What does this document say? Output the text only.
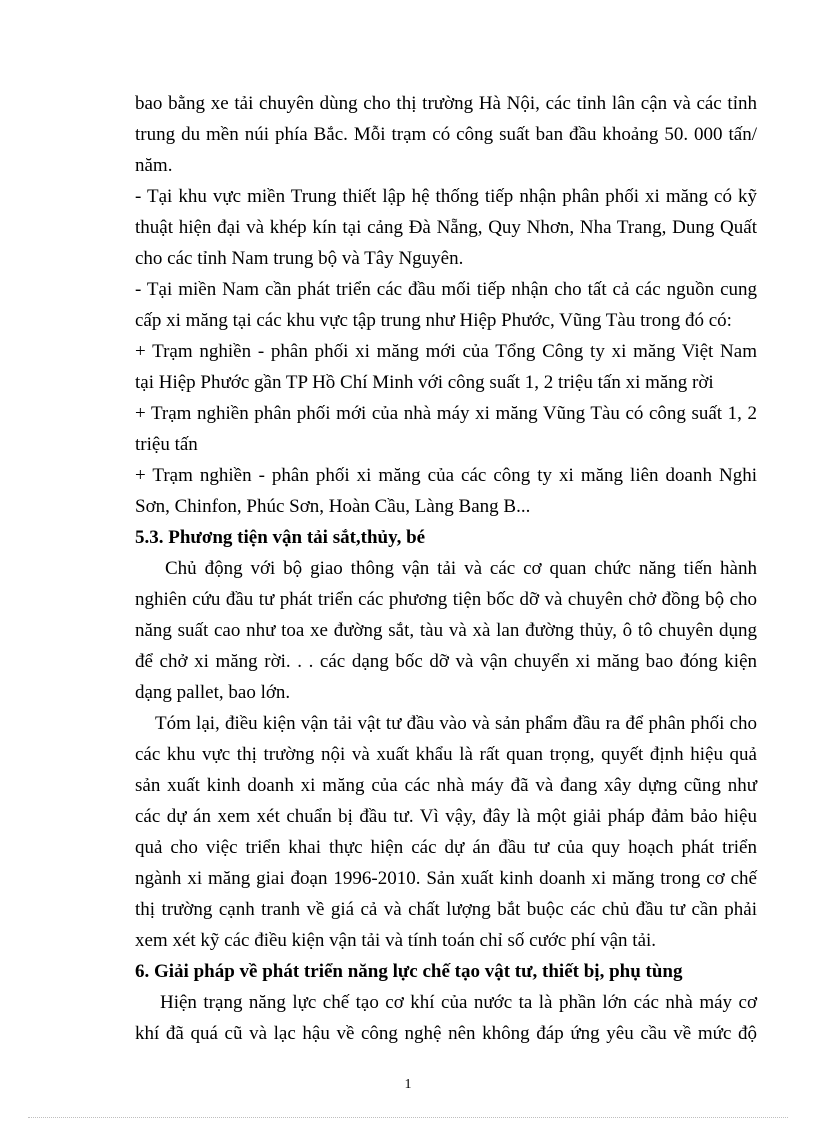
bao bằng xe tải chuyên dùng cho thị trường Hà Nội, các tỉnh lân cận và các tỉnh
trung du mền núi phía Bắc. Mỗi trạm có công suất ban đầu khoảng 50. 000 tấn/
năm.
- Tại khu vực miền Trung thiết lập hệ thống tiếp nhận phân phối xi măng có kỹ
thuật hiện đại và khép kín tại cảng Đà Nẵng, Quy Nhơn, Nha Trang, Dung Quất
cho các tỉnh Nam trung bộ và Tây Nguyên.
- Tại miền Nam cần phát triển các đầu mối tiếp nhận cho tất cả các nguồn cung
cấp xi măng tại các khu vực tập trung như Hiệp Phước, Vũng Tàu trong đó có:
+ Trạm nghiền - phân phối xi măng mới của Tổng Công ty xi măng Việt Nam
tại Hiệp Phước gần TP Hồ Chí Minh với công suất 1, 2 triệu tấn xi măng rời
+ Trạm nghiền phân phối mới của nhà máy xi măng Vũng Tàu có công suất 1, 2
triệu tấn
+ Trạm nghiền - phân phối xi măng của các công ty xi măng liên doanh Nghi
Sơn, Chinfon, Phúc Sơn, Hoàn Cầu, Làng Bang B...
5.3. Phương tiện vận tải sắt,thủy, bé
Chủ động với bộ giao thông vận tải và các cơ quan chức năng tiến hành
nghiên cứu đầu tư phát triển các phương tiện bốc dỡ và chuyên chở đồng bộ cho
năng suất cao như toa xe đường sắt, tàu và xà lan đường thủy, ô tô chuyên dụng
để chở xi măng rời. . . các dạng bốc dỡ và vận chuyển xi măng bao đóng kiện
dạng pallet, bao lớn.
Tóm lại, điều kiện vận tải vật tư đầu vào và sản phẩm đầu ra để phân phối cho
các khu vực thị trường nội và xuất khẩu là rất quan trọng, quyết định hiệu quả
sản xuất kinh doanh xi măng của các nhà máy đã và đang xây dựng cũng như
các dự án xem xét chuẩn bị đầu tư. Vì vậy, đây là một giải pháp đảm bảo hiệu
quả cho việc triển khai thực hiện các dự án đầu tư của quy hoạch phát triển
ngành xi măng giai đoạn 1996-2010. Sản xuất kinh doanh xi măng trong cơ chế
thị trường cạnh tranh về giá cả và chất lượng bắt buộc các chủ đầu tư cần phải
xem xét kỹ các điều kiện vận tải và tính toán chỉ số cước phí vận tải.
6. Giải pháp về phát triển năng lực chế tạo vật tư, thiết bị, phụ tùng
Hiện trạng năng lực chế tạo cơ khí của nước ta là phần lớn các nhà máy cơ
khí đã quá cũ và lạc hậu về công nghệ nên không đáp ứng yêu cầu về mức độ
1
